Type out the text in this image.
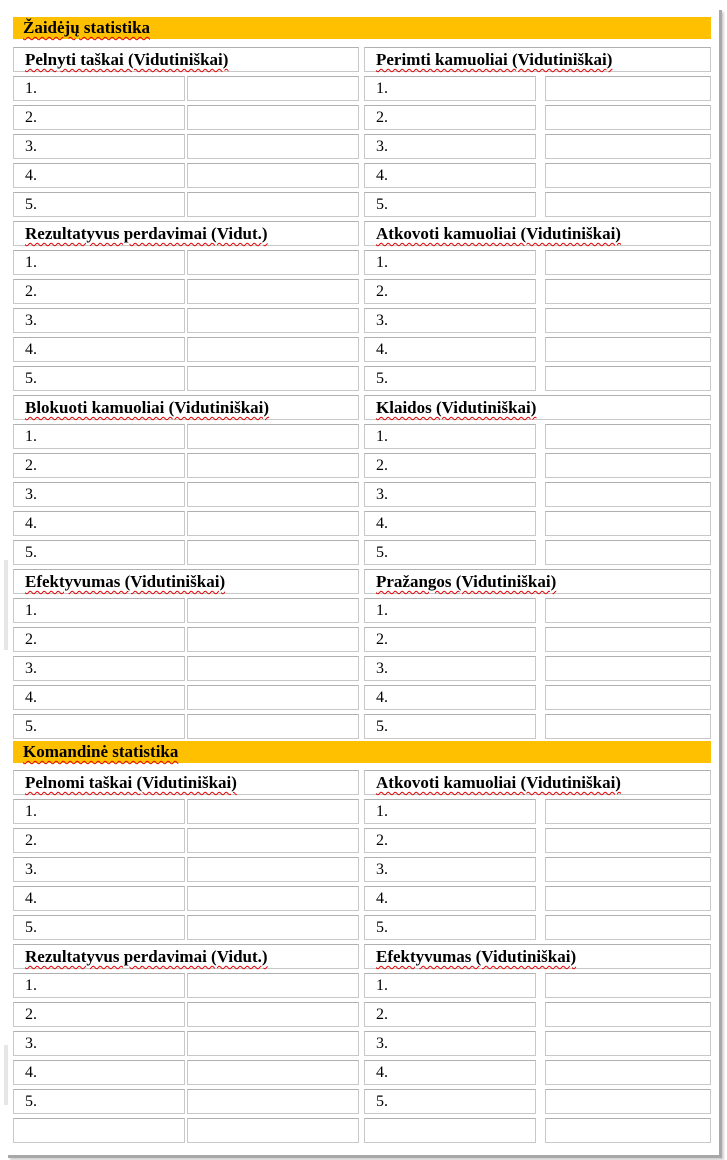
Žaidėjų statistika
Pelnyti taškai (Vidutiniškai)	Perimti kamuoliai (Vidutiniškai)
1.	1.
2.	2.
3.	3.
4.	4.
5.	5.
Rezultatyvus perdavimai (Vidut.)	Atkovoti kamuoliai (Vidutiniškai)
1.	1.
2.	2.
3.	3.
4.	4.
5.	5.
Blokuoti kamuoliai (Vidutiniškai)	Klaidos (Vidutiniškai)
1.	1.
2.	2.
3.	3.
4.	4.
5.	5.
Efektyvumas (Vidutiniškai)	Pražangos (Vidutiniškai)
1.	1.
2.	2.
3.	3.
4.	4.
5.	5.
Komandinė statistika
Pelnomi taškai (Vidutiniškai)	Atkovoti kamuoliai (Vidutiniškai)
1.	1.
2.	2.
3.	3.
4.	4.
5.	5.
Rezultatyvus perdavimai (Vidut.)	Efektyvumas (Vidutiniškai)
1.	1.
2.	2.
3.	3.
4.	4.
5.	5.
